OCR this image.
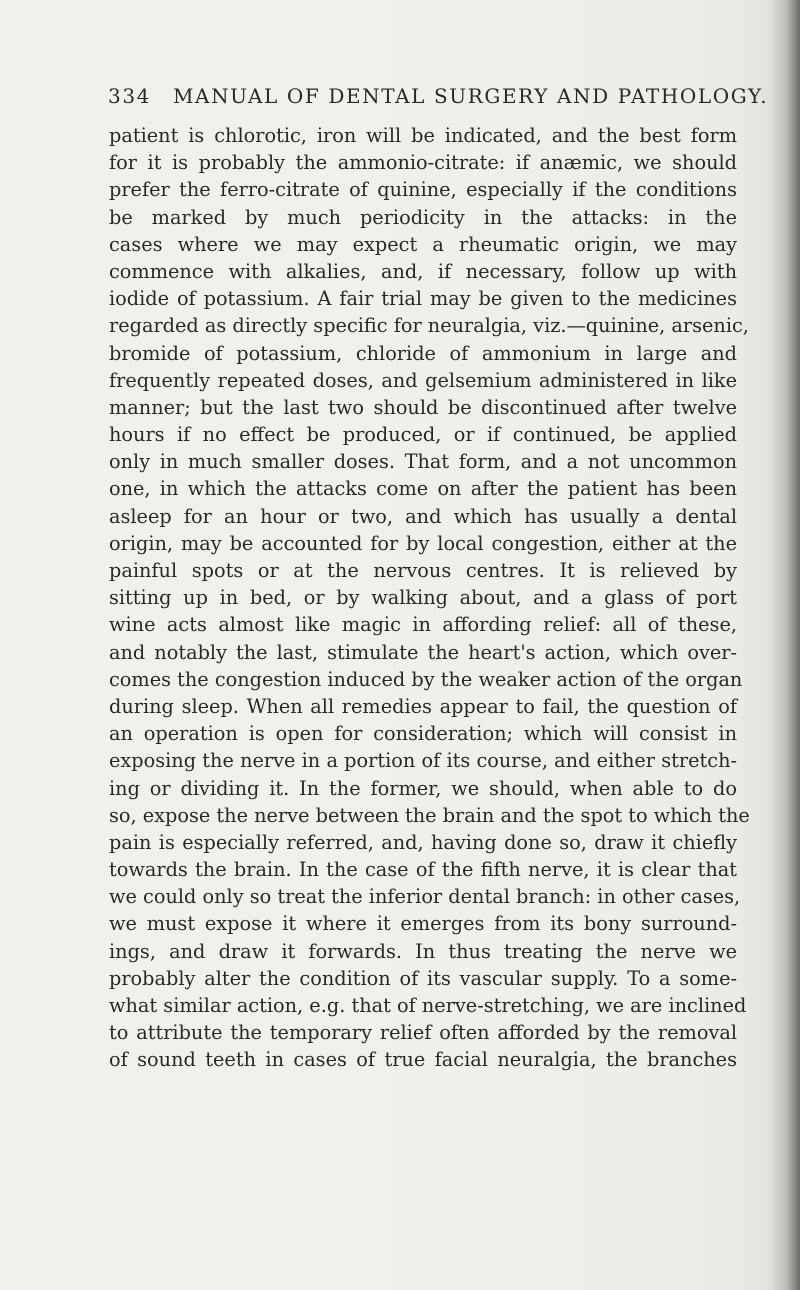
334 MANUAL OF DENTAL SURGERY AND PATHOLOGY.
patient is chlorotic, iron will be indicated, and the best form
for it is probably the ammonio-citrate: if anæmic, we should
prefer the ferro-citrate of quinine, especially if the conditions
be marked by much periodicity in the attacks: in the
cases where we may expect a rheumatic origin, we may
commence with alkalies, and, if necessary, follow up with
iodide of potassium. A fair trial may be given to the medicines
regarded as directly specific for neuralgia, viz.—quinine, arsenic,
bromide of potassium, chloride of ammonium in large and
frequently repeated doses, and gelsemium administered in like
manner; but the last two should be discontinued after twelve
hours if no effect be produced, or if continued, be applied
only in much smaller doses. That form, and a not uncommon
one, in which the attacks come on after the patient has been
asleep for an hour or two, and which has usually a dental
origin, may be accounted for by local congestion, either at the
painful spots or at the nervous centres. It is relieved by
sitting up in bed, or by walking about, and a glass of port
wine acts almost like magic in affording relief: all of these,
and notably the last, stimulate the heart's action, which over-
comes the congestion induced by the weaker action of the organ
during sleep. When all remedies appear to fail, the question of
an operation is open for consideration; which will consist in
exposing the nerve in a portion of its course, and either stretch-
ing or dividing it. In the former, we should, when able to do
so, expose the nerve between the brain and the spot to which the
pain is especially referred, and, having done so, draw it chiefly
towards the brain. In the case of the fifth nerve, it is clear that
we could only so treat the inferior dental branch: in other cases,
we must expose it where it emerges from its bony surround-
ings, and draw it forwards. In thus treating the nerve we
probably alter the condition of its vascular supply. To a some-
what similar action, e.g. that of nerve-stretching, we are inclined
to attribute the temporary relief often afforded by the removal
of sound teeth in cases of true facial neuralgia, the branches
